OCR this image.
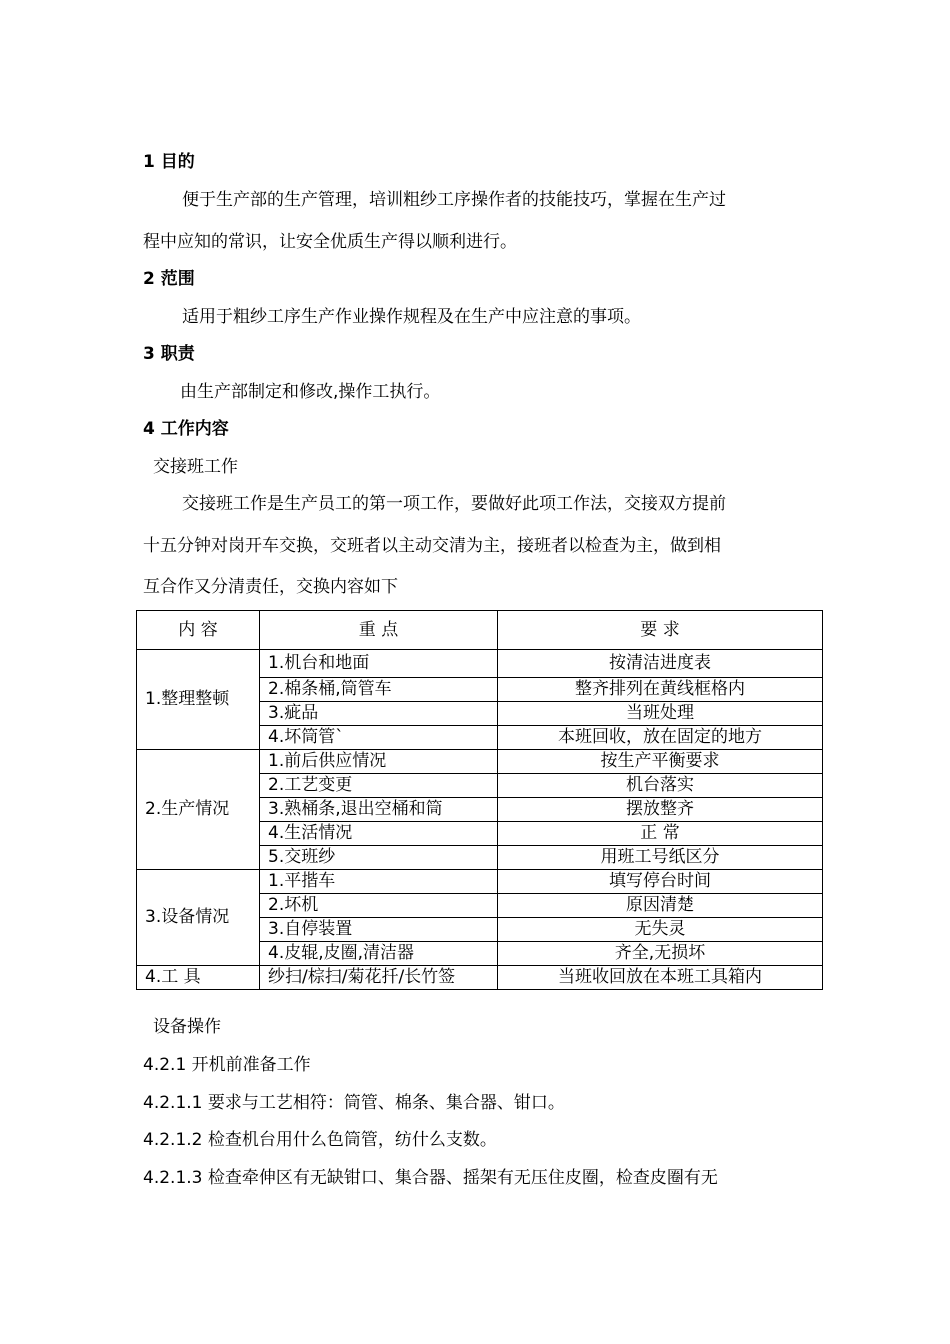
1 目的

便于生产部的生产管理，培训粗纱工序操作者的技能技巧，掌握在生产过

程中应知的常识，让安全优质生产得以顺利进行。

2 范围

适用于粗纱工序生产作业操作规程及在生产中应注意的事项。

3 职责

由生产部制定和修改,操作工执行。

4 工作内容

交接班工作

交接班工作是生产员工的第一项工作，要做好此项工作法，交接双方提前

十五分钟对岗开车交换，交班者以主动交清为主，接班者以检查为主，做到相

互合作又分清责任，交换内容如下

内 容	重 点	要 求
1.整理整顿	1.机台和地面	按清洁进度表
	2.棉条桶,筒管车	整齐排列在黄线框格内
	3.疵品	当班处理
	4.坏筒管`	本班回收，放在固定的地方
2.生产情况	1.前后供应情况	按生产平衡要求
	2.工艺变更	机台落实
	3.熟桶条,退出空桶和筒	摆放整齐
	4.生活情况	正 常
	5.交班纱	用班工号纸区分
3.设备情况	1.平揩车	填写停台时间
	2.坏机	原因清楚
	3.自停装置	无失灵
	4.皮辊,皮圈,清洁器	齐全,无损坏
4.工 具	纱扫/棕扫/菊花扦/长竹签	当班收回放在本班工具箱内

设备操作

4.2.1 开机前准备工作

4.2.1.1 要求与工艺相符：筒管、棉条、集合器、钳口。

4.2.1.2 检查机台用什么色筒管，纺什么支数。

4.2.1.3 检查牵伸区有无缺钳口、集合器、摇架有无压住皮圈，检查皮圈有无
